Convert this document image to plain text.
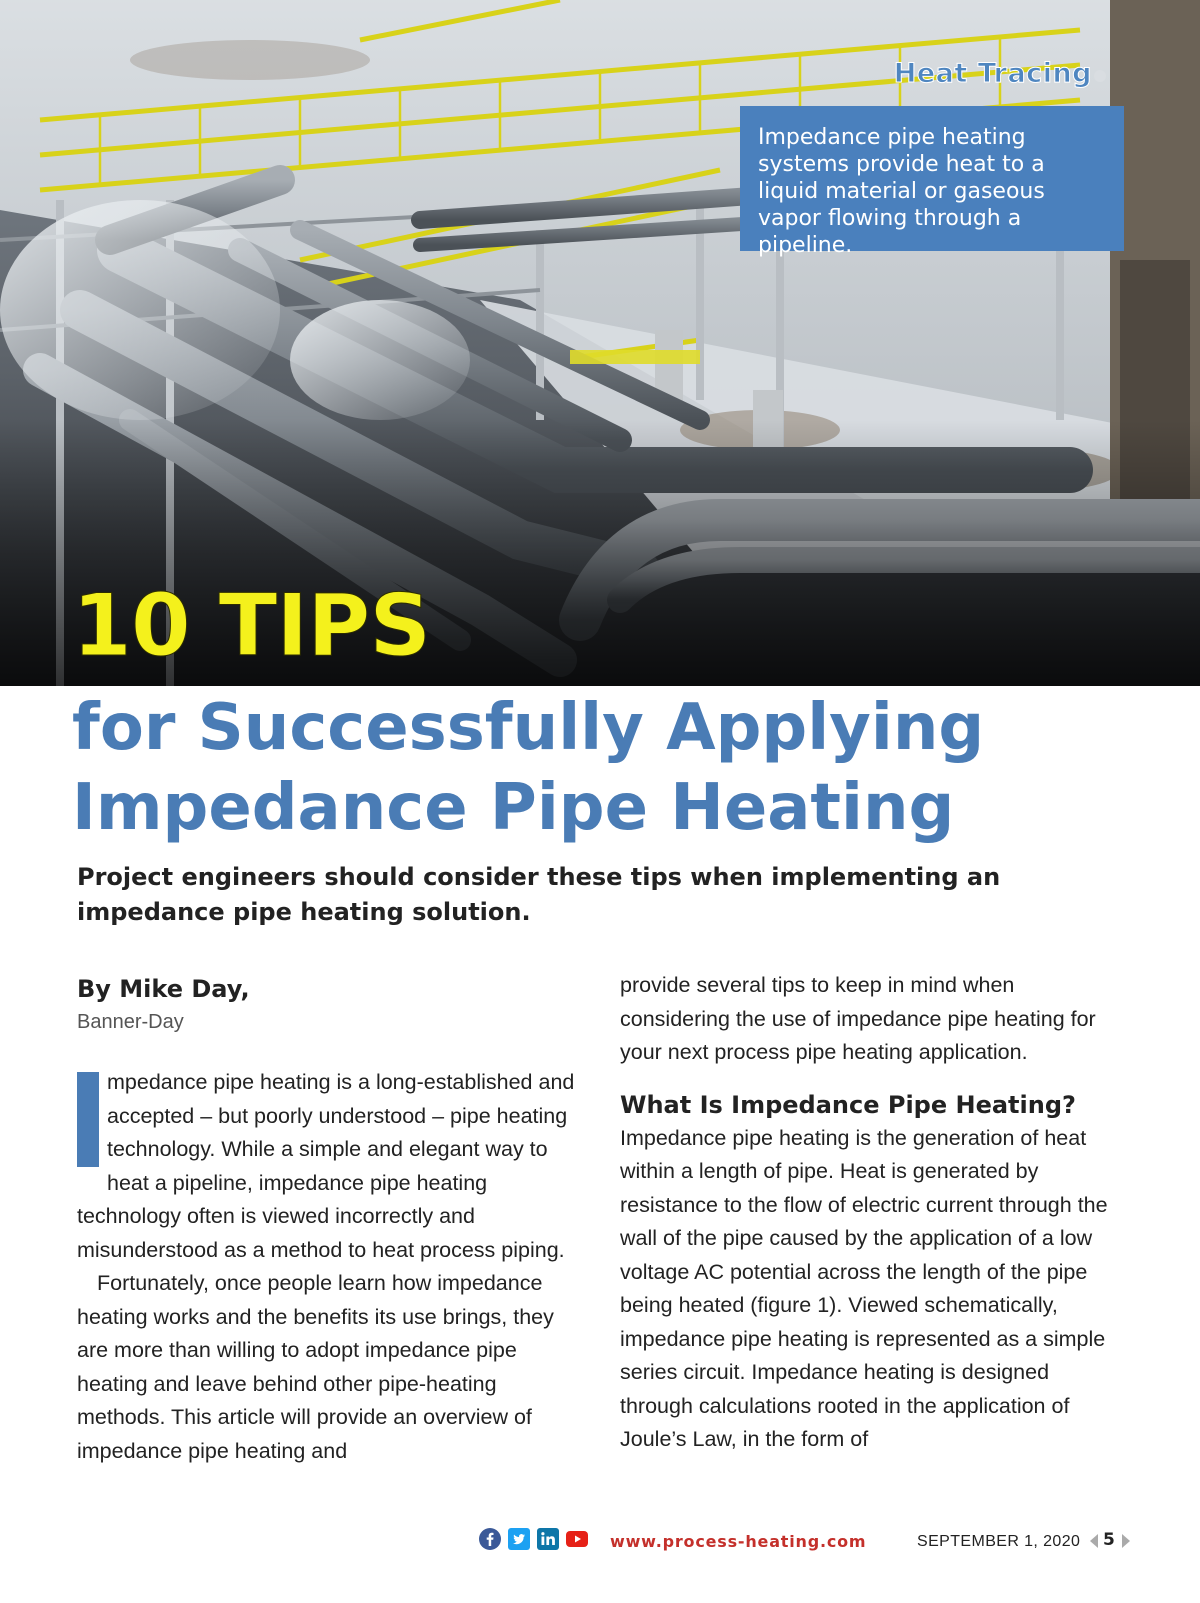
Heat Tracing
Impedance pipe heating systems provide heat to a liquid material or gaseous vapor flowing through a pipeline.
10 TIPS
for Successfully Applying
Impedance Pipe Heating

Project engineers should consider these tips when implementing an impedance pipe heating solution.

By Mike Day,
Banner-Day

mpedance pipe heating is a long-established and accepted – but poorly understood – pipe heating technology. While a simple and elegant way to heat a pipeline, impedance pipe heating technology often is viewed incorrectly and misunderstood as a method to heat process piping.

Fortunately, once people learn how impedance heating works and the benefits its use brings, they are more than willing to adopt impedance pipe heating and leave behind other pipe-heating methods. This article will provide an overview of impedance pipe heating and

provide several tips to keep in mind when considering the use of impedance pipe heating for your next process pipe heating application.

What Is Impedance Pipe Heating?

Impedance pipe heating is the generation of heat within a length of pipe. Heat is generated by resistance to the flow of electric current through the wall of the pipe caused by the application of a low voltage AC potential across the length of the pipe being heated (figure 1). Viewed schematically, impedance pipe heating is represented as a simple series circuit. Impedance heating is designed through calculations rooted in the application of Joule’s Law, in the form of

www.process-heating.com	SEPTEMBER 1, 2020 5
